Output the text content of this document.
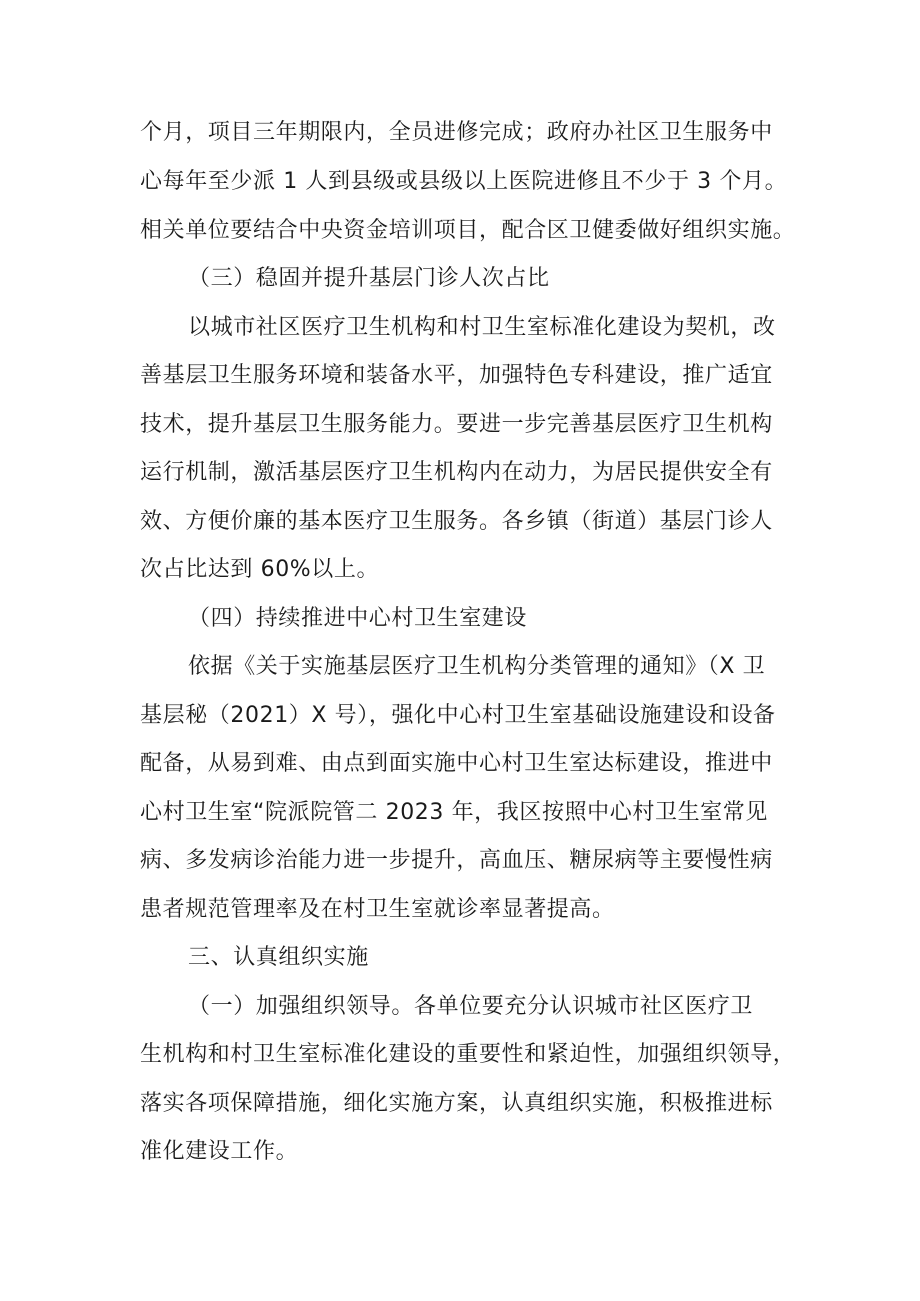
个月，项目三年期限内，全员进修完成；政府办社区卫生服务中
心每年至少派 1 人到县级或县级以上医院进修且不少于 3 个月。
相关单位要结合中央资金培训项目，配合区卫健委做好组织实施。
（三）稳固并提升基层门诊人次占比
以城市社区医疗卫生机构和村卫生室标准化建设为契机，改
善基层卫生服务环境和装备水平，加强特色专科建设，推广适宜
技术，提升基层卫生服务能力。要进一步完善基层医疗卫生机构
运行机制，激活基层医疗卫生机构内在动力，为居民提供安全有
效、方便价廉的基本医疗卫生服务。各乡镇（街道）基层门诊人
次占比达到 60%以上。
（四）持续推进中心村卫生室建设
依据《关于实施基层医疗卫生机构分类管理的通知》（X 卫
基层秘（2021）X 号），强化中心村卫生室基础设施建设和设备
配备，从易到难、由点到面实施中心村卫生室达标建设，推进中
心村卫生室“院派院管二 2023 年，我区按照中心村卫生室常见
病、多发病诊治能力进一步提升，高血压、糖尿病等主要慢性病
患者规范管理率及在村卫生室就诊率显著提高。
三、认真组织实施
（一）加强组织领导。各单位要充分认识城市社区医疗卫
生机构和村卫生室标准化建设的重要性和紧迫性，加强组织领导，
落实各项保障措施，细化实施方案，认真组织实施，积极推进标
准化建设工作。
